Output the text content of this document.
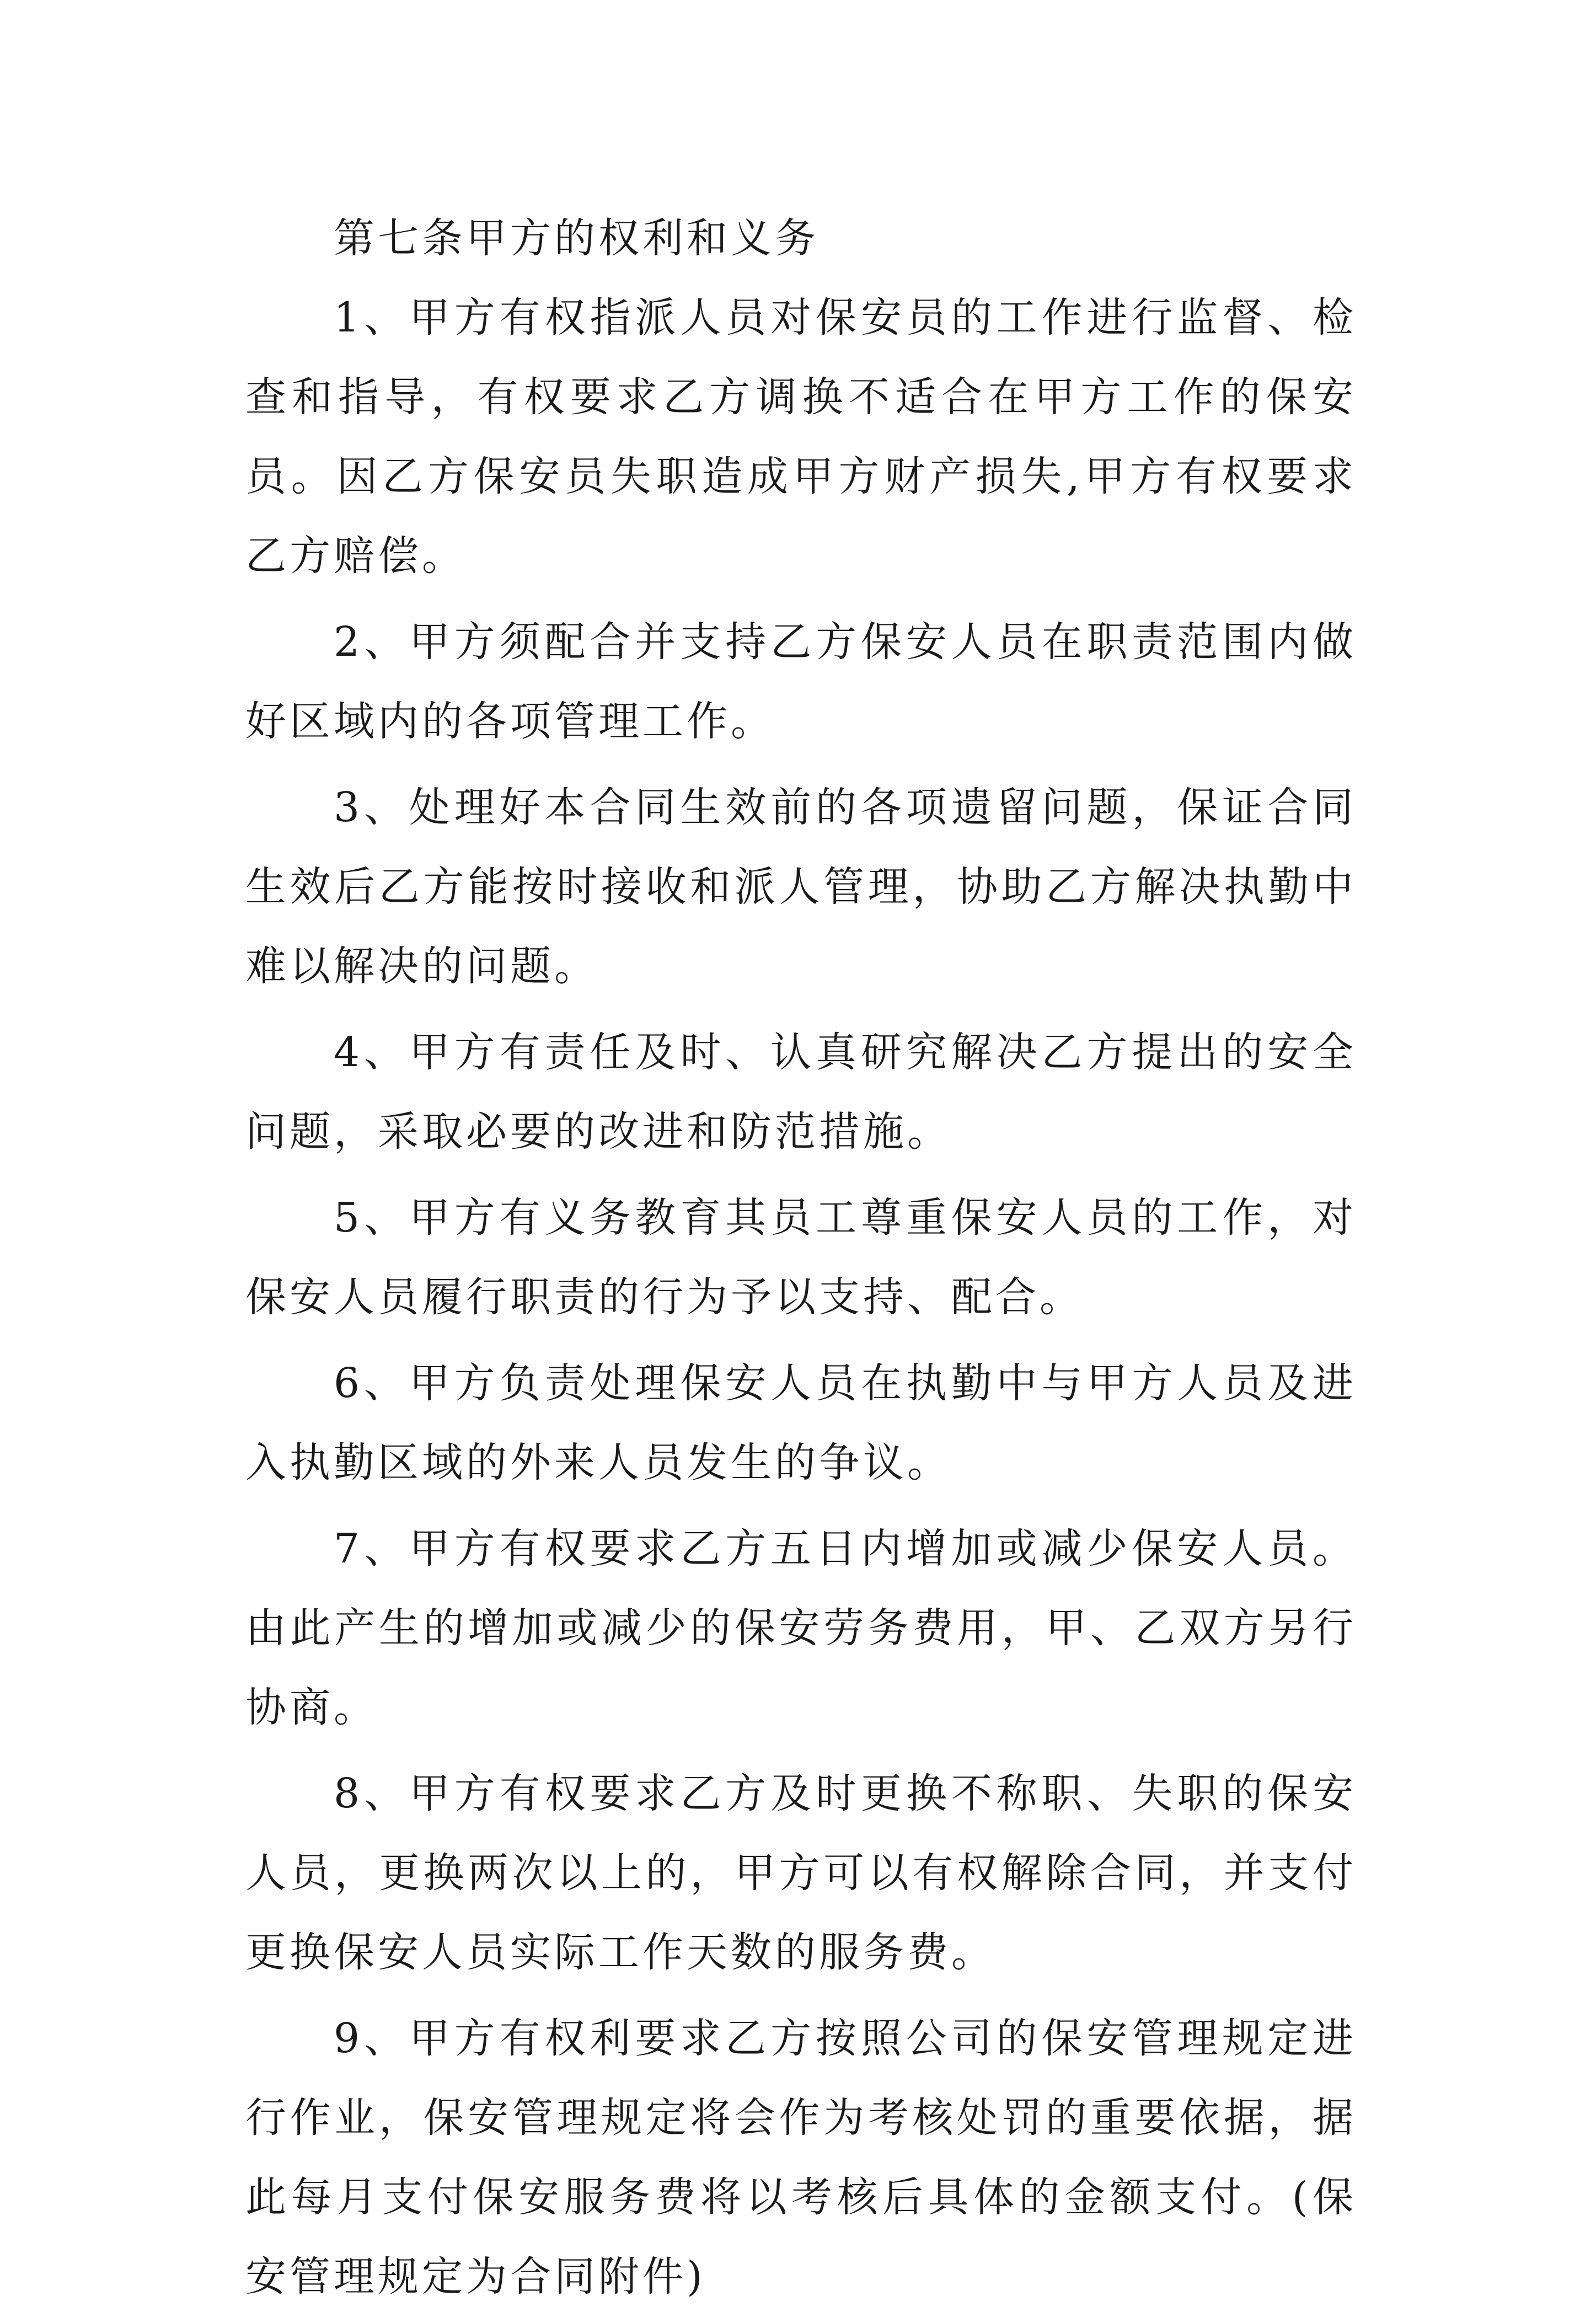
第七条甲方的权利和义务

1、甲方有权指派人员对保安员的工作进行监督、检查和指导，有权要求乙方调换不适合在甲方工作的保安员。因乙方保安员失职造成甲方财产损失,甲方有权要求乙方赔偿。

2、甲方须配合并支持乙方保安人员在职责范围内做好区域内的各项管理工作。

3、处理好本合同生效前的各项遗留问题，保证合同生效后乙方能按时接收和派人管理，协助乙方解决执勤中难以解决的问题。

4、甲方有责任及时、认真研究解决乙方提出的安全问题，采取必要的改进和防范措施。

5、甲方有义务教育其员工尊重保安人员的工作，对保安人员履行职责的行为予以支持、配合。

6、甲方负责处理保安人员在执勤中与甲方人员及进入执勤区域的外来人员发生的争议。

7、甲方有权要求乙方五日内增加或减少保安人员。由此产生的增加或减少的保安劳务费用，甲、乙双方另行协商。

8、甲方有权要求乙方及时更换不称职、失职的保安人员，更换两次以上的，甲方可以有权解除合同，并支付更换保安人员实际工作天数的服务费。

9、甲方有权利要求乙方按照公司的保安管理规定进行作业，保安管理规定将会作为考核处罚的重要依据，据此每月支付保安服务费将以考核后具体的金额支付。(保安管理规定为合同附件)
